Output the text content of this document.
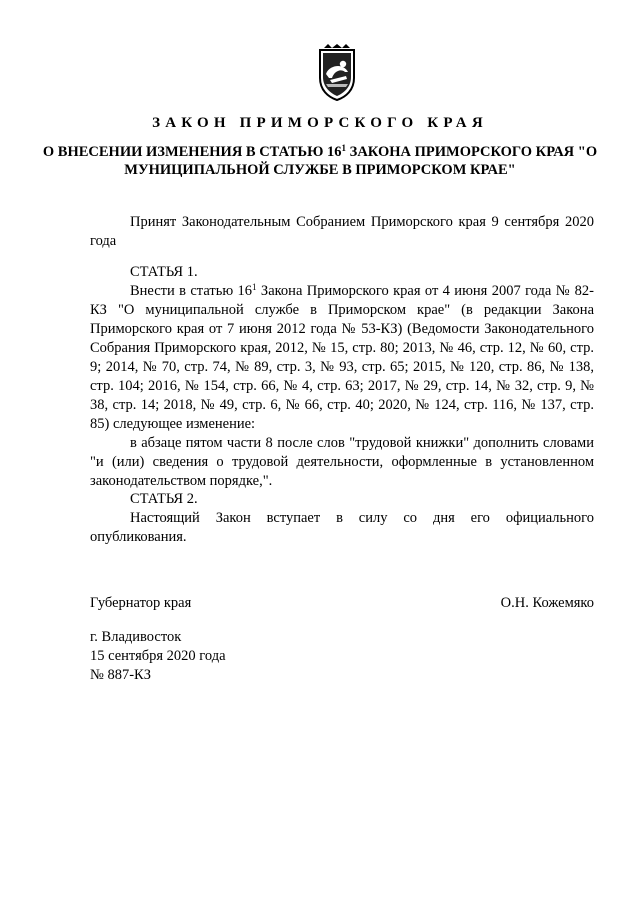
ЗАКОН ПРИМОРСКОГО КРАЯ
О ВНЕСЕНИИ ИЗМЕНЕНИЯ В СТАТЬЮ $16^1$ ЗАКОНА ПРИМОРСКОГО КРАЯ "О МУНИЦИПАЛЬНОЙ СЛУЖБЕ В ПРИМОРСКОМ КРАЕ"
Принят Законодательным Собранием Приморского края 9 сентября 2020 года
СТАТЬЯ 1.

Внести в статью $16^1$ Закона Приморского края от 4 июня 2007 года № 82-КЗ "О муниципальной службе в Приморском крае" (в редакции Закона Приморского края от 7 июня 2012 года № 53-КЗ) (Ведомости Законодательного Собрания Приморского края, 2012, № 15, стр. 80; 2013, № 46, стр. 12, № 60, стр. 9; 2014, № 70, стр. 74, № 89, стр. 3, № 93, стр. 65; 2015, № 120, стр. 86, № 138, стр. 104; 2016, № 154, стр. 66, № 4, стр. 63; 2017, № 29, стр. 14, № 32, стр. 9, № 38, стр. 14; 2018, № 49, стр. 6, № 66, стр. 40; 2020, № 124, стр. 116, № 137, стр. 85) следующее изменение:

в абзаце пятом части 8 после слов "трудовой книжки" дополнить словами "и (или) сведения о трудовой деятельности, оформленные в установленном законодательством порядке,".

СТАТЬЯ 2.

Настоящий Закон вступает в силу со дня его официального опубликования.

Губернатор края	О.Н. Кожемяко
г. Владивосток
15 сентября 2020 года
№ 887-КЗ
